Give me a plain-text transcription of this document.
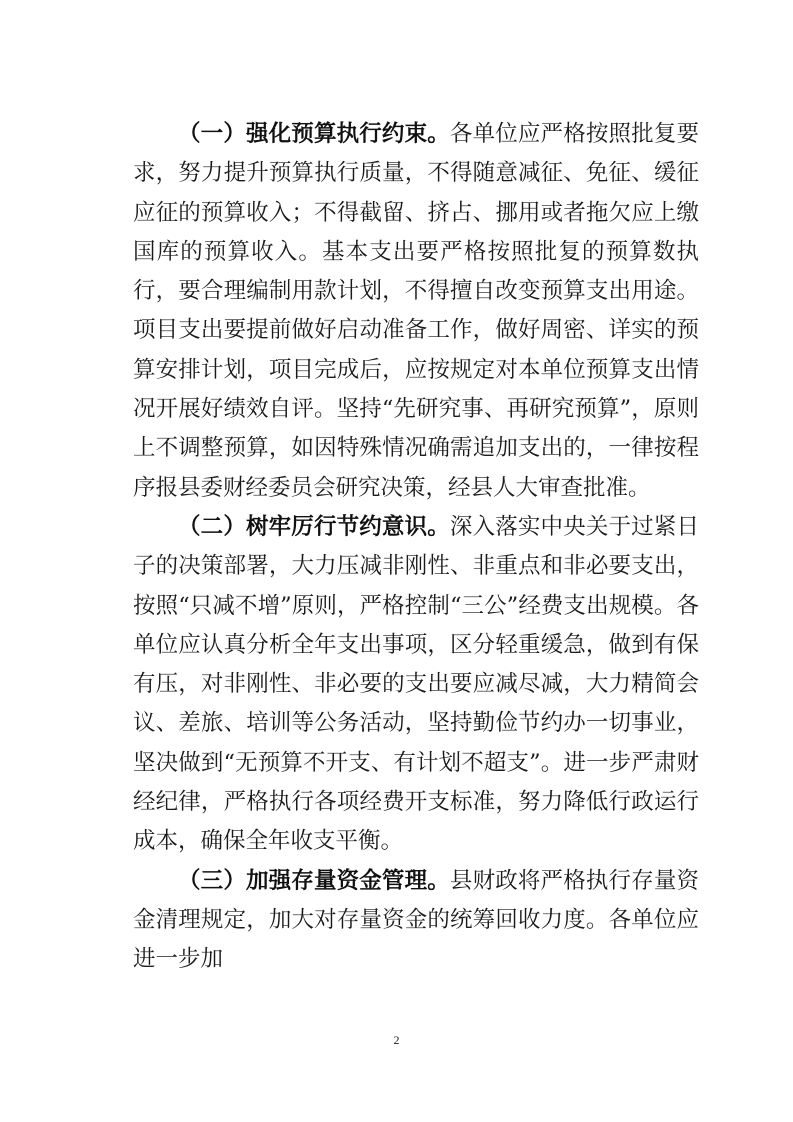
（一）强化预算执行约束。各单位应严格按照批复要求，努力提升预算执行质量，不得随意减征、免征、缓征应征的预算收入；不得截留、挤占、挪用或者拖欠应上缴国库的预算收入。基本支出要严格按照批复的预算数执行，要合理编制用款计划，不得擅自改变预算支出用途。项目支出要提前做好启动准备工作，做好周密、详实的预算安排计划，项目完成后，应按规定对本单位预算支出情况开展好绩效自评。坚持“先研究事、再研究预算”，原则上不调整预算，如因特殊情况确需追加支出的，一律按程序报县委财经委员会研究决策，经县人大审查批准。

（二）树牢厉行节约意识。深入落实中央关于过紧日子的决策部署，大力压减非刚性、非重点和非必要支出，按照“只减不增”原则，严格控制“三公”经费支出规模。各单位应认真分析全年支出事项，区分轻重缓急，做到有保有压，对非刚性、非必要的支出要应减尽减，大力精简会议、差旅、培训等公务活动，坚持勤俭节约办一切事业，坚决做到“无预算不开支、有计划不超支”。进一步严肃财经纪律，严格执行各项经费开支标准，努力降低行政运行成本，确保全年收支平衡。

（三）加强存量资金管理。县财政将严格执行存量资金清理规定，加大对存量资金的统筹回收力度。各单位应进一步加

2
